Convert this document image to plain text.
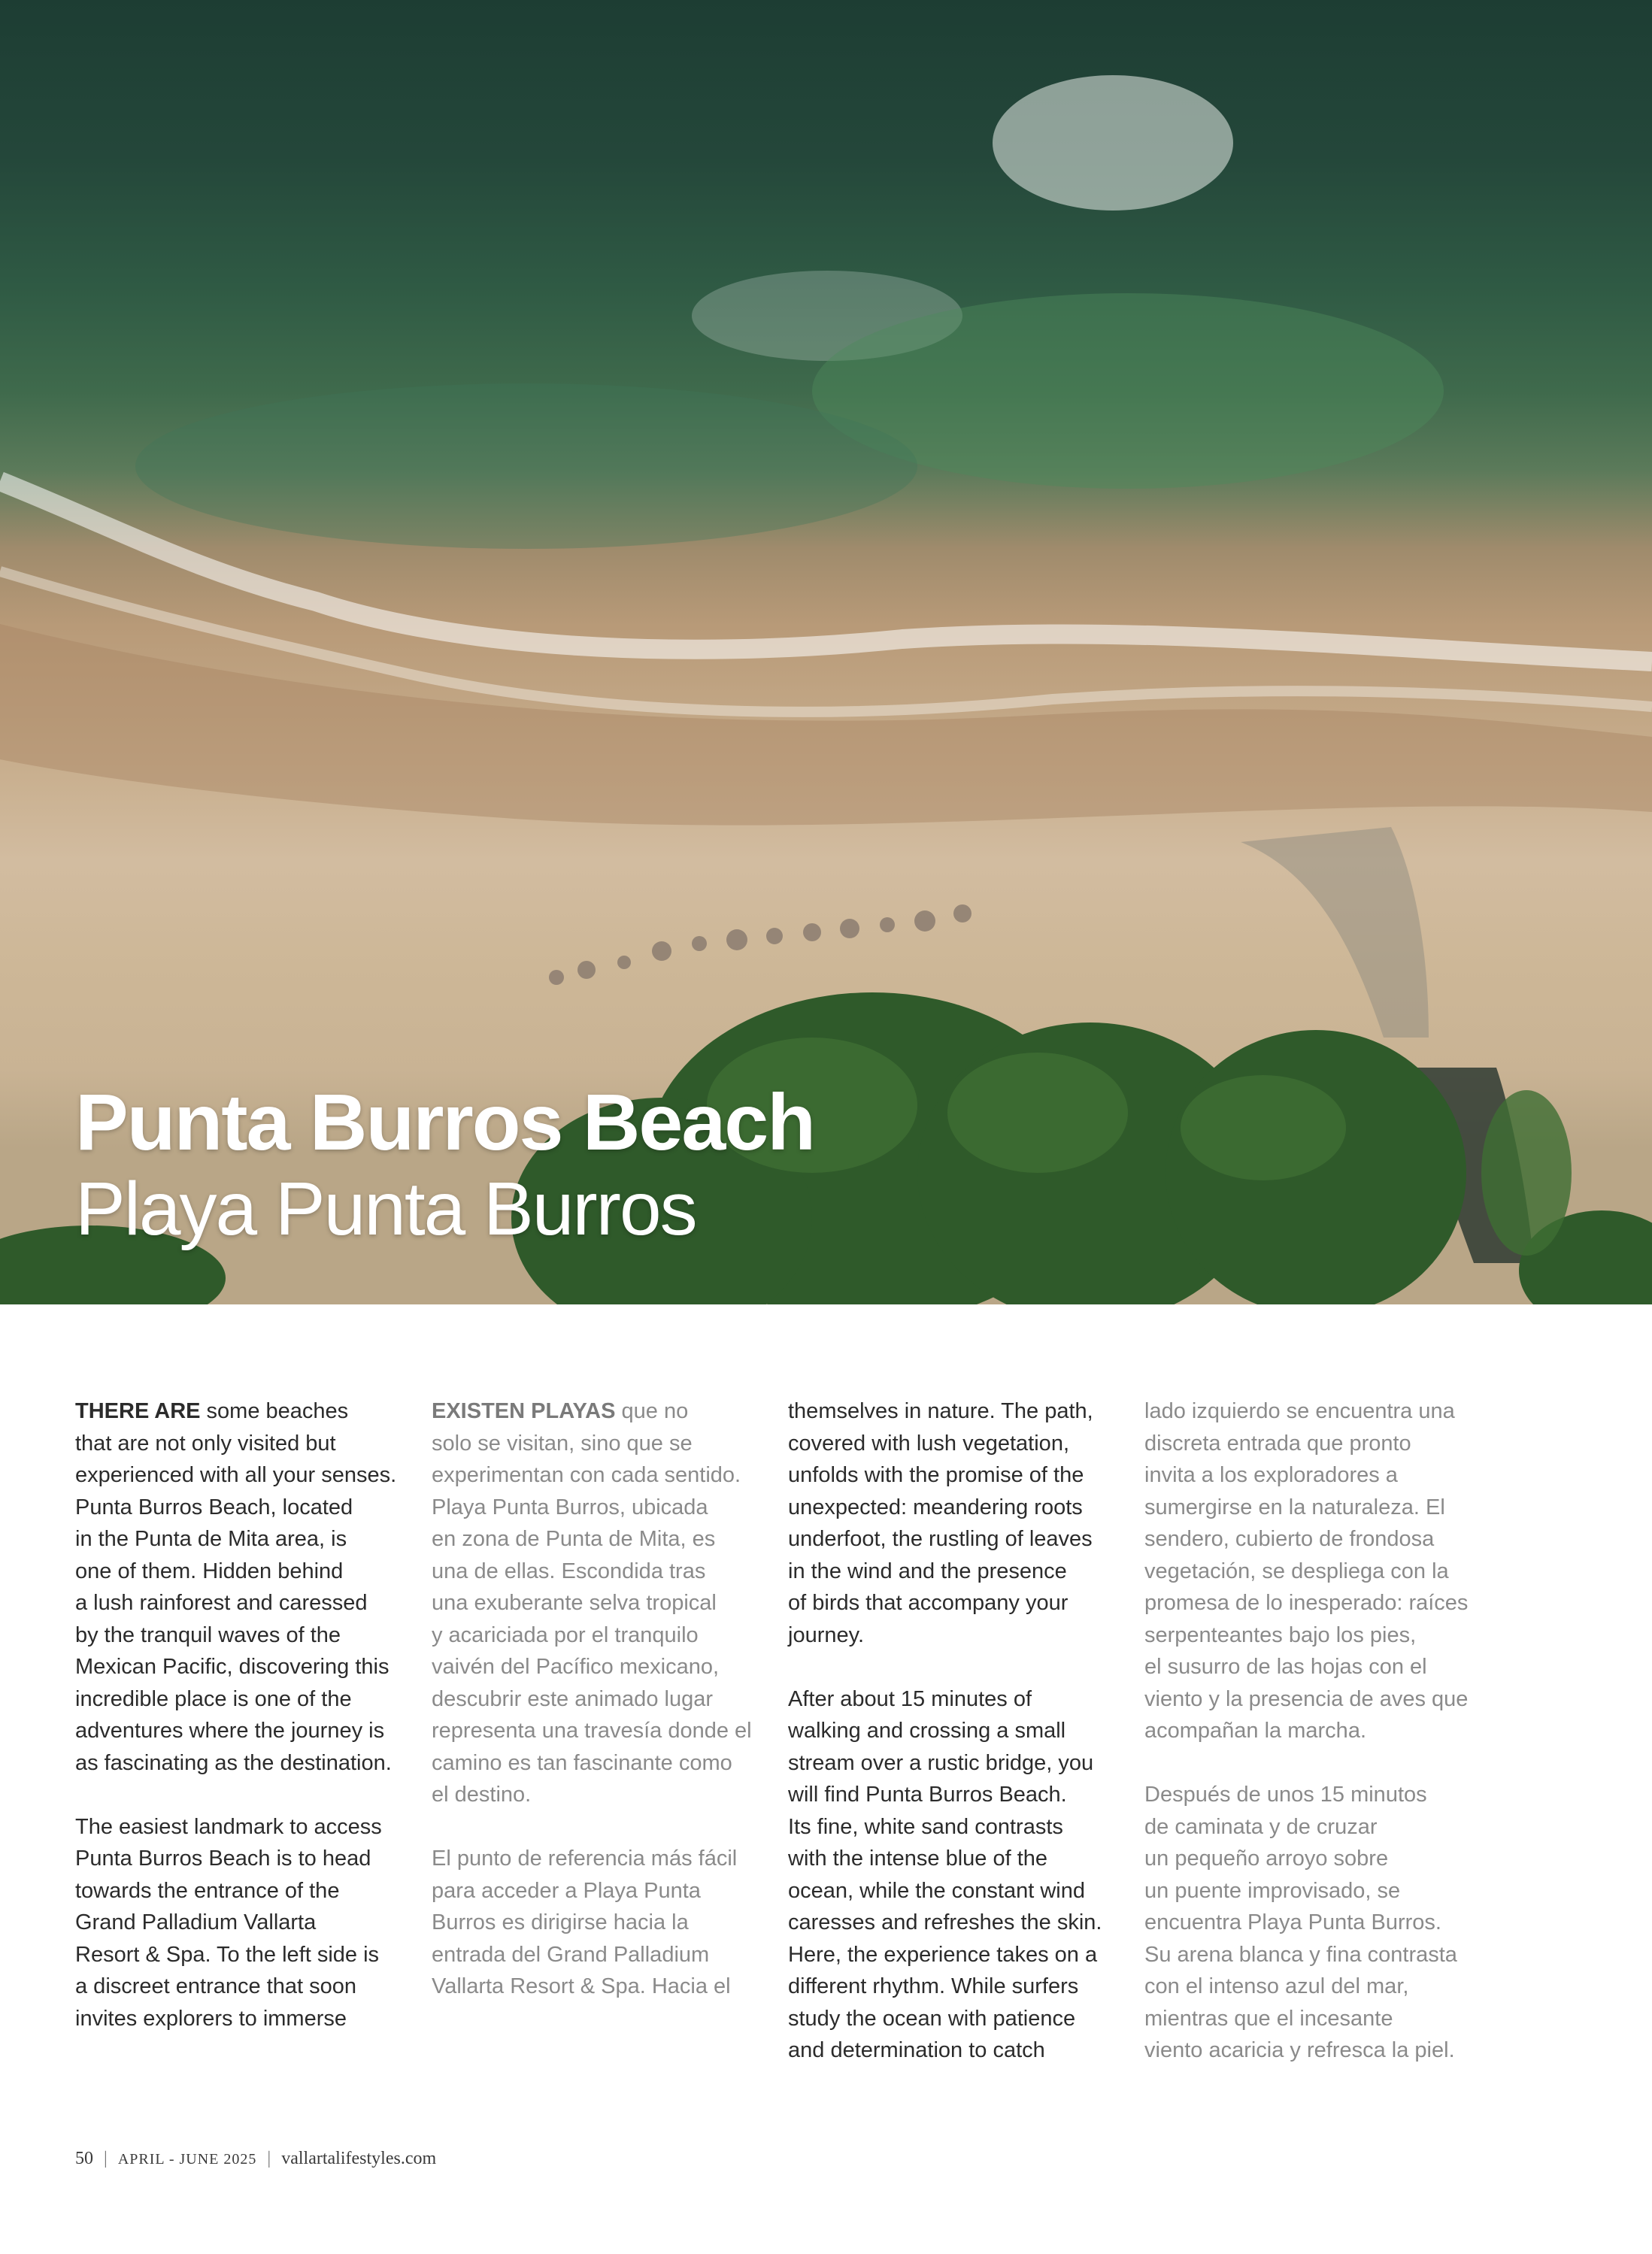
Punta Burros Beach
Playa Punta Burros

THERE ARE some beaches
that are not only visited but
experienced with all your senses.
Punta Burros Beach, located
in the Punta de Mita area, is
one of them. Hidden behind
a lush rainforest and caressed
by the tranquil waves of the
Mexican Pacific, discovering this
incredible place is one of the
adventures where the journey is
as fascinating as the destination.

The easiest landmark to access
Punta Burros Beach is to head
towards the entrance of the
Grand Palladium Vallarta
Resort & Spa. To the left side is
a discreet entrance that soon
invites explorers to immerse

EXISTEN PLAYAS que no
solo se visitan, sino que se
experimentan con cada sentido.
Playa Punta Burros, ubicada
en zona de Punta de Mita, es
una de ellas. Escondida tras
una exuberante selva tropical
y acariciada por el tranquilo
vaivén del Pacífico mexicano,
descubrir este animado lugar
representa una travesía donde el
camino es tan fascinante como
el destino.

El punto de referencia más fácil
para acceder a Playa Punta
Burros es dirigirse hacia la
entrada del Grand Palladium
Vallarta Resort & Spa. Hacia el

themselves in nature. The path,
covered with lush vegetation,
unfolds with the promise of the
unexpected: meandering roots
underfoot, the rustling of leaves
in the wind and the presence
of birds that accompany your
journey.

After about 15 minutes of
walking and crossing a small
stream over a rustic bridge, you
will find Punta Burros Beach.
Its fine, white sand contrasts
with the intense blue of the
ocean, while the constant wind
caresses and refreshes the skin.
Here, the experience takes on a
different rhythm. While surfers
study the ocean with patience
and determination to catch

lado izquierdo se encuentra una
discreta entrada que pronto
invita a los exploradores a
sumergirse en la naturaleza. El
sendero, cubierto de frondosa
vegetación, se despliega con la
promesa de lo inesperado: raíces
serpenteantes bajo los pies,
el susurro de las hojas con el
viento y la presencia de aves que
acompañan la marcha.

Después de unos 15 minutos
de caminata y de cruzar
un pequeño arroyo sobre
un puente improvisado, se
encuentra Playa Punta Burros.
Su arena blanca y fina contrasta
con el intenso azul del mar,
mientras que el incesante
viento acaricia y refresca la piel.

50 | APRIL - JUNE 2025 | vallartalifestyles.com
